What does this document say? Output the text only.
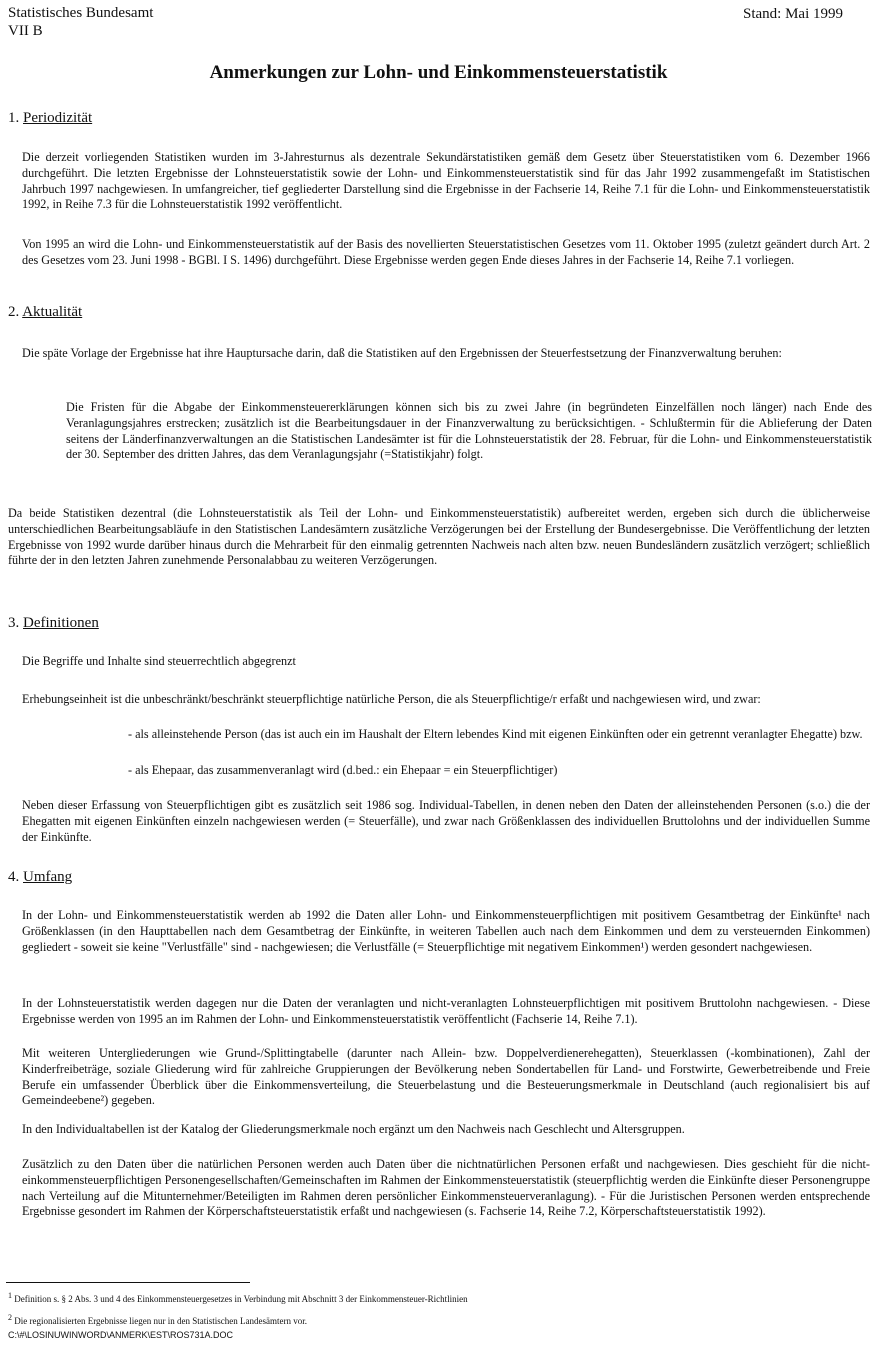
Statistisches Bundesamt
VII B
Stand: Mai 1999
Anmerkungen zur Lohn- und Einkommensteuerstatistik
1. Periodizität
Die derzeit vorliegenden Statistiken wurden im 3-Jahresturnus als dezentrale Sekundärstatistiken gemäß dem Gesetz über Steuerstatistiken vom 6. Dezember 1966 durchgeführt. Die letzten Ergebnisse der Lohnsteuerstatistik sowie der Lohn- und Einkommensteuerstatistik sind für das Jahr 1992 zusammengefaßt im Statistischen Jahrbuch 1997 nachgewiesen. In umfangreicher, tief gegliederter Darstellung sind die Ergebnisse in der Fachserie 14, Reihe 7.1 für die Lohn- und Einkommensteuerstatistik 1992, in Reihe 7.3 für die Lohnsteuerstatistik 1992 veröffentlicht.
Von 1995 an wird die Lohn- und Einkommensteuerstatistik auf der Basis des novellierten Steuerstatistischen Gesetzes vom 11. Oktober 1995 (zuletzt geändert durch Art. 2 des Gesetzes vom 23. Juni 1998 - BGBl. I S. 1496) durchgeführt. Diese Ergebnisse werden gegen Ende dieses Jahres in der Fachserie 14, Reihe 7.1 vorliegen.
2. Aktualität
Die späte Vorlage der Ergebnisse hat ihre Hauptursache darin, daß die Statistiken auf den Ergebnissen der Steuerfestsetzung der Finanzverwaltung beruhen:
Die Fristen für die Abgabe der Einkommensteuererklärungen können sich bis zu zwei Jahre (in begründeten Einzelfällen noch länger) nach Ende des Veranlagungsjahres erstrecken; zusätzlich ist die Bearbeitungsdauer in der Finanzverwaltung zu berücksichtigen. - Schlußtermin für die Ablieferung der Daten seitens der Länderfinanzverwaltungen an die Statistischen Landesämter ist für die Lohnsteuerstatistik der 28. Februar, für die Lohn- und Einkommensteuerstatistik der 30. September des dritten Jahres, das dem Veranlagungsjahr (=Statistikjahr) folgt.
Da beide Statistiken dezentral (die Lohnsteuerstatistik als Teil der Lohn- und Einkommensteuerstatistik) aufbereitet werden, ergeben sich durch die üblicherweise unterschiedlichen Bearbeitungsabläufe in den Statistischen Landesämtern zusätzliche Verzögerungen bei der Erstellung der Bundesergebnisse. Die Veröffentlichung der letzten Ergebnisse von 1992 wurde darüber hinaus durch die Mehrarbeit für den einmalig getrennten Nachweis nach alten bzw. neuen Bundesländern zusätzlich verzögert; schließlich führte der in den letzten Jahren zunehmende Personalabbau zu weiteren Verzögerungen.
3. Definitionen
Die Begriffe und Inhalte sind steuerrechtlich abgegrenzt
Erhebungseinheit ist die unbeschränkt/beschränkt steuerpflichtige natürliche Person, die als Steuerpflichtige/r erfaßt und nachgewiesen wird, und zwar:
- als alleinstehende Person (das ist auch ein im Haushalt der Eltern lebendes Kind mit eigenen Einkünften oder ein getrennt veranlagter Ehegatte) bzw.
- als Ehepaar, das zusammenveranlagt wird (d.bed.: ein Ehepaar = ein Steuerpflichtiger)
Neben dieser Erfassung von Steuerpflichtigen gibt es zusätzlich seit 1986 sog. Individual-Tabellen, in denen neben den Daten der alleinstehenden Personen (s.o.) die der Ehegatten mit eigenen Einkünften einzeln nachgewiesen werden (= Steuerfälle), und zwar nach Größenklassen des individuellen Bruttolohns und der individuellen Summe der Einkünfte.
4. Umfang
In der Lohn- und Einkommensteuerstatistik werden ab 1992 die Daten aller Lohn- und Einkommensteuerpflichtigen mit positivem Gesamtbetrag der Einkünfte¹ nach Größenklassen (in den Haupttabellen nach dem Gesamtbetrag der Einkünfte, in weiteren Tabellen auch nach dem Einkommen und dem zu versteuernden Einkommen) gegliedert - soweit sie keine "Verlustfälle" sind - nachgewiesen; die Verlustfälle (= Steuerpflichtige mit negativem Einkommen¹) werden gesondert nachgewiesen.
In der Lohnsteuerstatistik werden dagegen nur die Daten der veranlagten und nicht-veranlagten Lohnsteuerpflichtigen mit positivem Bruttolohn nachgewiesen. - Diese Ergebnisse werden von 1995 an im Rahmen der Lohn- und Einkommensteuerstatistik veröffentlicht (Fachserie 14, Reihe 7.1).
Mit weiteren Untergliederungen wie Grund-/Splittingtabelle (darunter nach Allein- bzw. Doppelverdienerehegatten), Steuerklassen (-kombinationen), Zahl der Kinderfreibeträge, soziale Gliederung wird für zahlreiche Gruppierungen der Bevölkerung neben Sondertabellen für Land- und Forstwirte, Gewerbetreibende und Freie Berufe ein umfassender Überblick über die Einkommensverteilung, die Steuerbelastung und die Besteuerungsmerkmale in Deutschland (auch regionalisiert bis auf Gemeindeebene²) gegeben.
In den Individualtabellen ist der Katalog der Gliederungsmerkmale noch ergänzt um den Nachweis nach Geschlecht und Altersgruppen.
Zusätzlich zu den Daten über die natürlichen Personen werden auch Daten über die nichtnatürlichen Personen erfaßt und nachgewiesen. Dies geschieht für die nicht-einkommensteuerpflichtigen Personengesellschaften/Gemeinschaften im Rahmen der Einkommensteuerstatistik (steuerpflichtig werden die Einkünfte dieser Personengruppe nach Verteilung auf die Mitunternehmer/Beteiligten im Rahmen deren persönlicher Einkommensteuerveranlagung). - Für die Juristischen Personen werden entsprechende Ergebnisse gesondert im Rahmen der Körperschaftsteuerstatistik erfaßt und nachgewiesen (s. Fachserie 14, Reihe 7.2, Körperschaftsteuerstatistik 1992).
$^1$ Definition s. § 2 Abs. 3 und 4 des Einkommensteuergesetzes in Verbindung mit Abschnitt 3 der Einkommensteuer-Richtlinien
$^2$ Die regionalisierten Ergebnisse liegen nur in den Statistischen Landesämtern vor.
C:\#\LOSINUWINWORD\ANMERK\EST\ROS731A.DOC
